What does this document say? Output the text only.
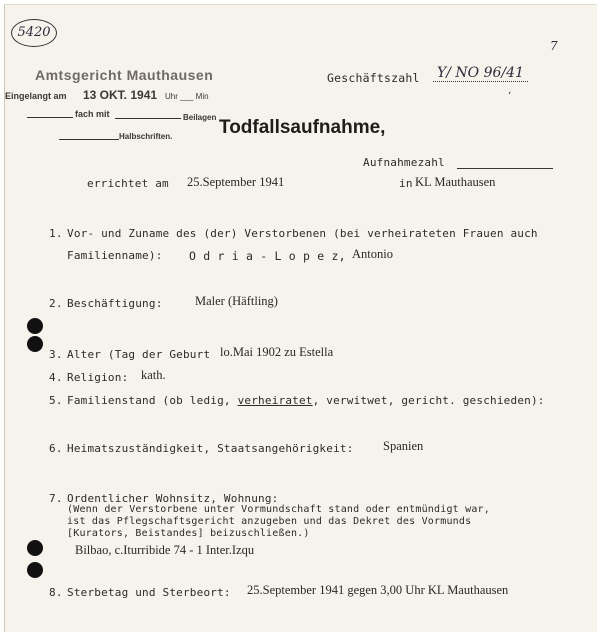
5420
7
Amtsgericht Mauthausen
Eingelangt am 13 OKT. 1941 Uhr ___ Min
fach mit	Beilagen
Halbschriften.
Geschäftszahl Y/ NO 96/41
‘
Todfallsaufnahme,
Aufnahmezahl
errichtet am 25.September 1941	in KL Mauthausen
1. Vor- und Zuname des (der) Verstorbenen (bei verheirateten Frauen auch
Familienname): O d r i a - L o p e z, Antonio
2. Beschäftigung:	Maler (Häftling)
3. Alter (Tag der Geburt lo.Mai 1902 zu Estella
4. Religion: kath.
5. Familienstand (ob ledig, verheiratet, verwitwet, gericht. geschieden):
6. Heimatszuständigkeit, Staatsangehörigkeit: Spanien
7. Ordentlicher Wohnsitz, Wohnung:
(Wenn der Verstorbene unter Vormundschaft stand oder entmündigt war,
ist das Pflegschaftsgericht anzugeben und das Dekret des Vormunds
[Kurators, Beistandes] beizuschließen.)
Bilbao, c.Iturribide 74 - 1 Inter.Izqu
8. Sterbetag und Sterbeort: 25.September 1941 gegen 3,00 Uhr KL Mauthausen
